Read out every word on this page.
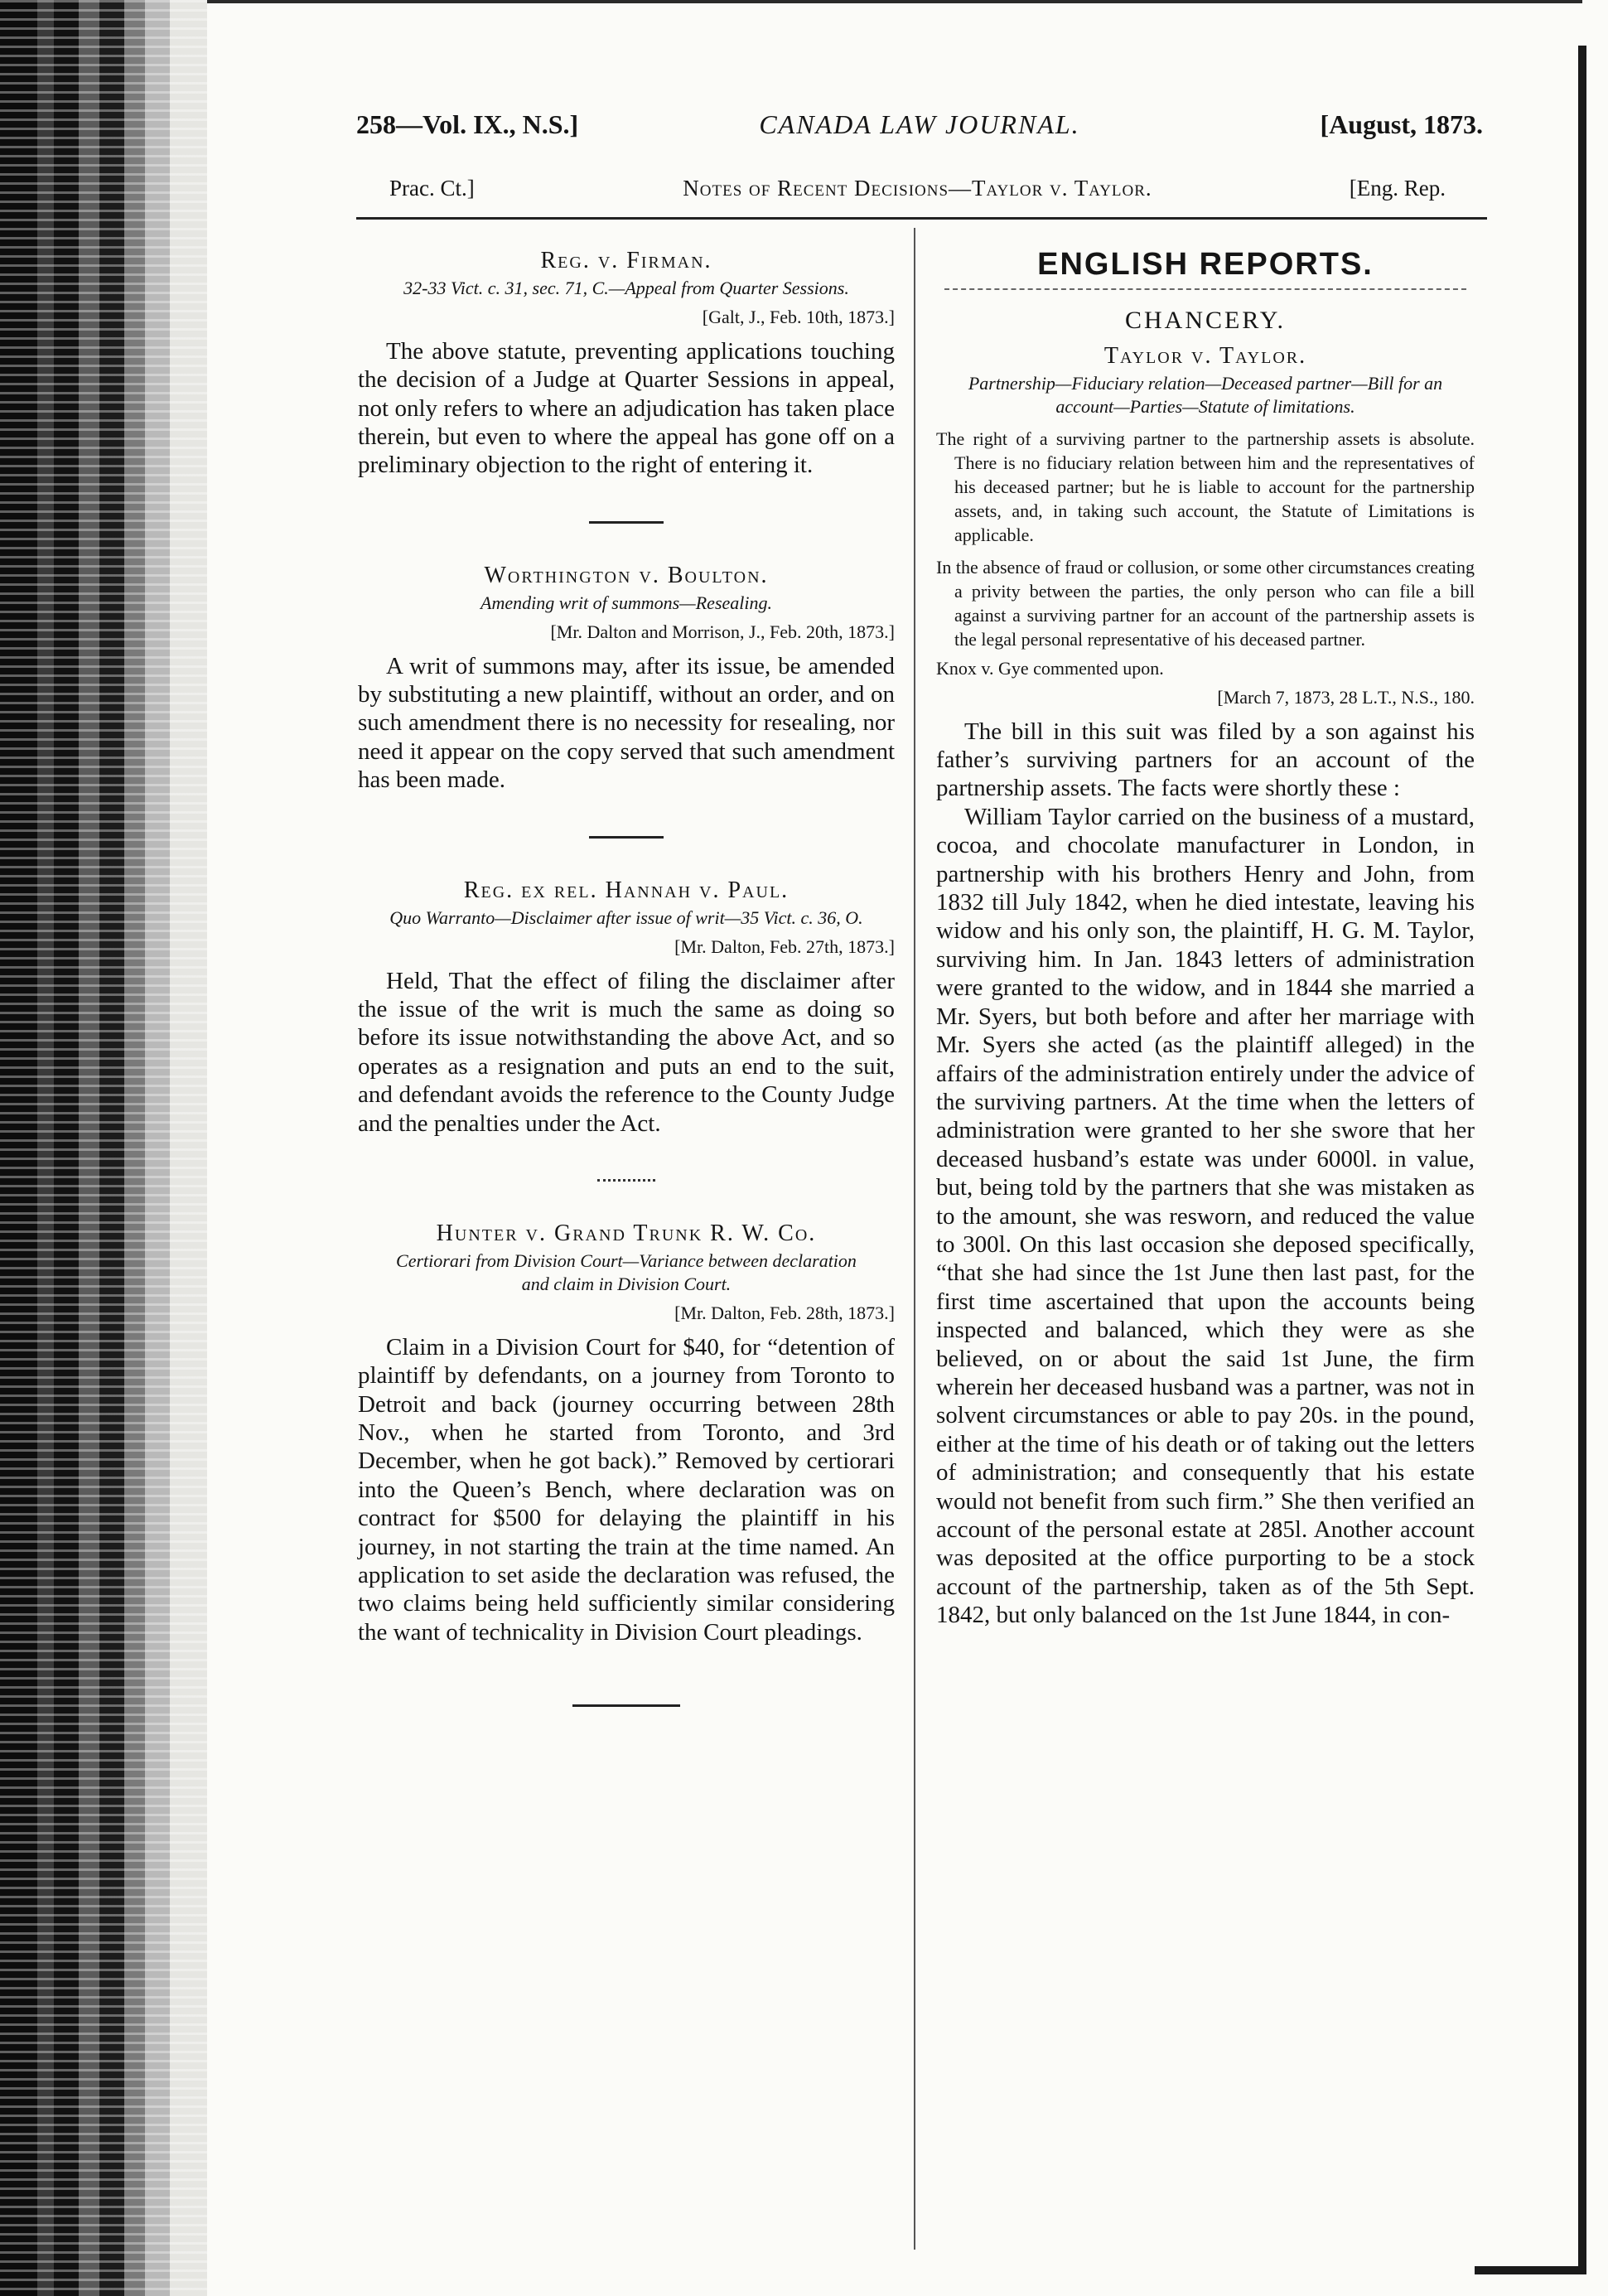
258—Vol. IX., N.S.]	CANADA LAW JOURNAL.	[August, 1873.
Prac. Ct.]	Notes of Recent Decisions—Taylor v. Taylor.	[Eng. Rep.
Reg. v. Firman.
32-33 Vict. c. 31, sec. 71, C.—Appeal from Quarter Sessions.
[Galt, J., Feb. 10th, 1873.]

The above statute, preventing applications touching the decision of a Judge at Quarter Sessions in appeal, not only refers to where an adjudication has taken place therein, but even to where the appeal has gone off on a preliminary objection to the right of entering it.

Worthington v. Boulton.
Amending writ of summons—Resealing.
[Mr. Dalton and Morrison, J., Feb. 20th, 1873.]

A writ of summons may, after its issue, be amended by substituting a new plaintiff, without an order, and on such amendment there is no necessity for resealing, nor need it appear on the copy served that such amendment has been made.

Reg. ex rel. Hannah v. Paul.
Quo Warranto—Disclaimer after issue of writ—35 Vict. c. 36, O.
[Mr. Dalton, Feb. 27th, 1873.]

Held, That the effect of filing the disclaimer after the issue of the writ is much the same as doing so before its issue notwithstanding the above Act, and so operates as a resignation and puts an end to the suit, and defendant avoids the reference to the County Judge and the penalties under the Act.

Hunter v. Grand Trunk R. W. Co.
Certiorari from Division Court—Variance between declaration and claim in Division Court.
[Mr. Dalton, Feb. 28th, 1873.]

Claim in a Division Court for $40, for “detention of plaintiff by defendants, on a journey from Toronto to Detroit and back (journey occurring between 28th Nov., when he started from Toronto, and 3rd December, when he got back).” Removed by certiorari into the Queen’s Bench, where declaration was on contract for $500 for delaying the plaintiff in his journey, in not starting the train at the time named. An application to set aside the declaration was refused, the two claims being held sufficiently similar considering the want of technicality in Division Court pleadings.

ENGLISH REPORTS.
CHANCERY.
Taylor v. Taylor.
Partnership—Fiduciary relation—Deceased partner—Bill for an account—Parties—Statute of limitations.

The right of a surviving partner to the partnership assets is absolute. There is no fiduciary relation between him and the representatives of his deceased partner; but he is liable to account for the partnership assets, and, in taking such account, the Statute of Limitations is applicable.

In the absence of fraud or collusion, or some other circumstances creating a privity between the parties, the only person who can file a bill against a surviving partner for an account of the partnership assets is the legal personal representative of his deceased partner.

Knox v. Gye commented upon.

[March 7, 1873, 28 L.T., N.S., 180.

The bill in this suit was filed by a son against his father’s surviving partners for an account of the partnership assets. The facts were shortly these :

William Taylor carried on the business of a mustard, cocoa, and chocolate manufacturer in London, in partnership with his brothers Henry and John, from 1832 till July 1842, when he died intestate, leaving his widow and his only son, the plaintiff, H. G. M. Taylor, surviving him. In Jan. 1843 letters of administration were granted to the widow, and in 1844 she married a Mr. Syers, but both before and after her marriage with Mr. Syers she acted (as the plaintiff alleged) in the affairs of the administration entirely under the advice of the surviving partners. At the time when the letters of administration were granted to her she swore that her deceased husband’s estate was under 6000l. in value, but, being told by the partners that she was mistaken as to the amount, she was resworn, and reduced the value to 300l. On this last occasion she deposed specifically, “that she had since the 1st June then last past, for the first time ascertained that upon the accounts being inspected and balanced, which they were as she believed, on or about the said 1st June, the firm wherein her deceased husband was a partner, was not in solvent circumstances or able to pay 20s. in the pound, either at the time of his death or of taking out the letters of administration; and consequently that his estate would not benefit from such firm.” She then verified an account of the personal estate at 285l. Another account was deposited at the office purporting to be a stock account of the partnership, taken as of the 5th Sept. 1842, but only balanced on the 1st June 1844, in con-
